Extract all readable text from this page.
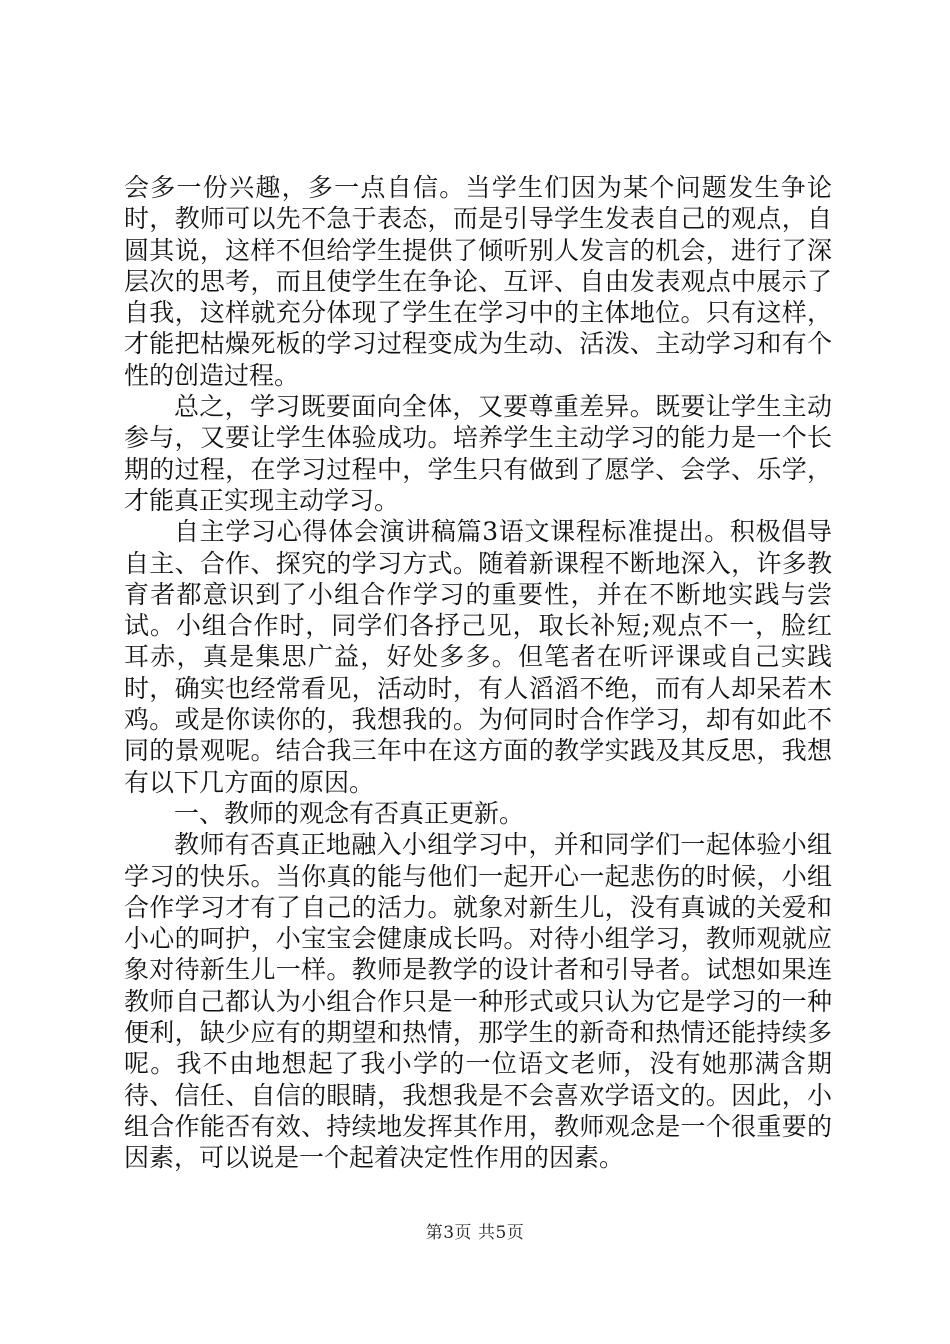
会多一份兴趣，多一点自信。当学生们因为某个问题发生争论时，教师可以先不急于表态，而是引导学生发表自己的观点，自圆其说，这样不但给学生提供了倾听别人发言的机会，进行了深层次的思考，而且使学生在争论、互评、自由发表观点中展示了自我，这样就充分体现了学生在学习中的主体地位。只有这样，才能把枯燥死板的学习过程变成为生动、活泼、主动学习和有个性的创造过程。

总之，学习既要面向全体，又要尊重差异。既要让学生主动参与，又要让学生体验成功。培养学生主动学习的能力是一个长期的过程，在学习过程中，学生只有做到了愿学、会学、乐学，才能真正实现主动学习。

自主学习心得体会演讲稿篇3语文课程标准提出。积极倡导自主、合作、探究的学习方式。随着新课程不断地深入，许多教育者都意识到了小组合作学习的重要性，并在不断地实践与尝试。小组合作时，同学们各抒己见，取长补短;观点不一，脸红耳赤，真是集思广益，好处多多。但笔者在听评课或自己实践时，确实也经常看见，活动时，有人滔滔不绝，而有人却呆若木鸡。或是你读你的，我想我的。为何同时合作学习，却有如此不同的景观呢。结合我三年中在这方面的教学实践及其反思，我想有以下几方面的原因。

一、教师的观念有否真正更新。

教师有否真正地融入小组学习中，并和同学们一起体验小组学习的快乐。当你真的能与他们一起开心一起悲伤的时候，小组合作学习才有了自己的活力。就象对新生儿，没有真诚的关爱和小心的呵护，小宝宝会健康成长吗。对待小组学习，教师观就应象对待新生儿一样。教师是教学的设计者和引导者。试想如果连教师自己都认为小组合作只是一种形式或只认为它是学习的一种便利，缺少应有的期望和热情，那学生的新奇和热情还能持续多呢。我不由地想起了我小学的一位语文老师，没有她那满含期待、信任、自信的眼睛，我想我是不会喜欢学语文的。因此，小组合作能否有效、持续地发挥其作用，教师观念是一个很重要的因素，可以说是一个起着决定性作用的因素。

第3页 共5页
